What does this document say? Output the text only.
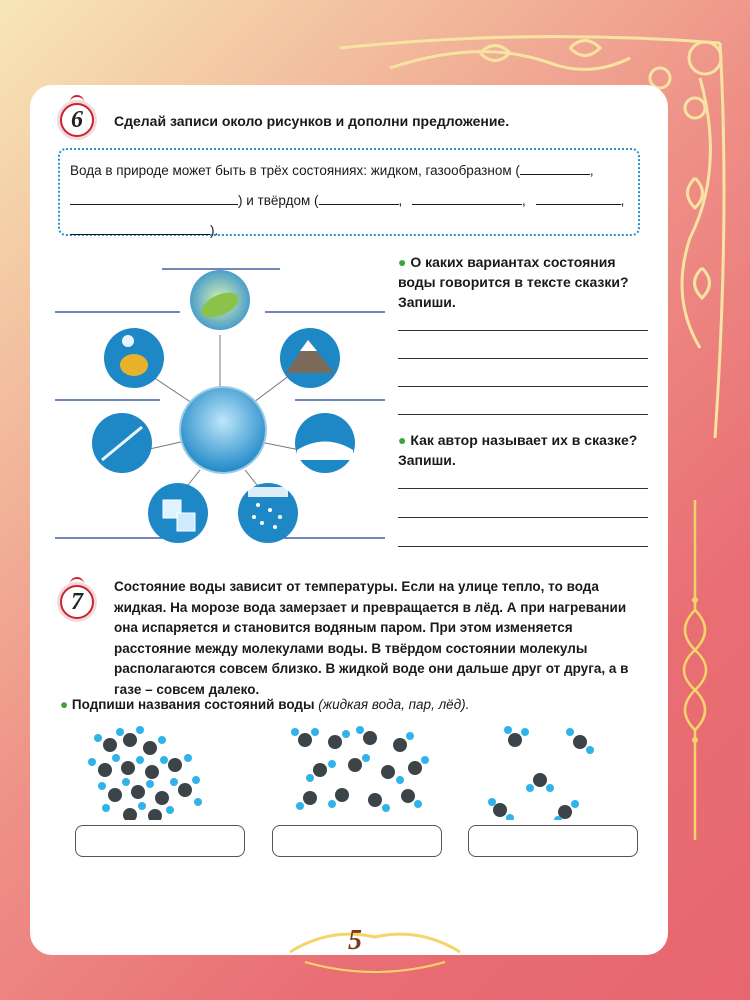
6	Сделай записи около рисунков и дополни предложение.
Вода в природе может быть в трёх состояниях: жидком, газообразном (	,
) и твёрдом (	,	,	,
).
● О каких вариантах состояния воды говорится в тексте сказки? Запиши.
● Как автор называет их в сказке? Запиши.
7
Состояние воды зависит от температуры. Если на улице тепло, то вода жидкая. На морозе вода замерзает и превращается в лёд. А при нагревании она испаряется и становится водяным паром. При этом изменяется расстояние между молекулами воды. В твёрдом состоянии молекулы располагаются совсем близко. В жидкой воде они дальше друг от друга, а в газе – совсем далеко.
● Подпиши названия состояний воды (жидкая вода, пар, лёд).
5
